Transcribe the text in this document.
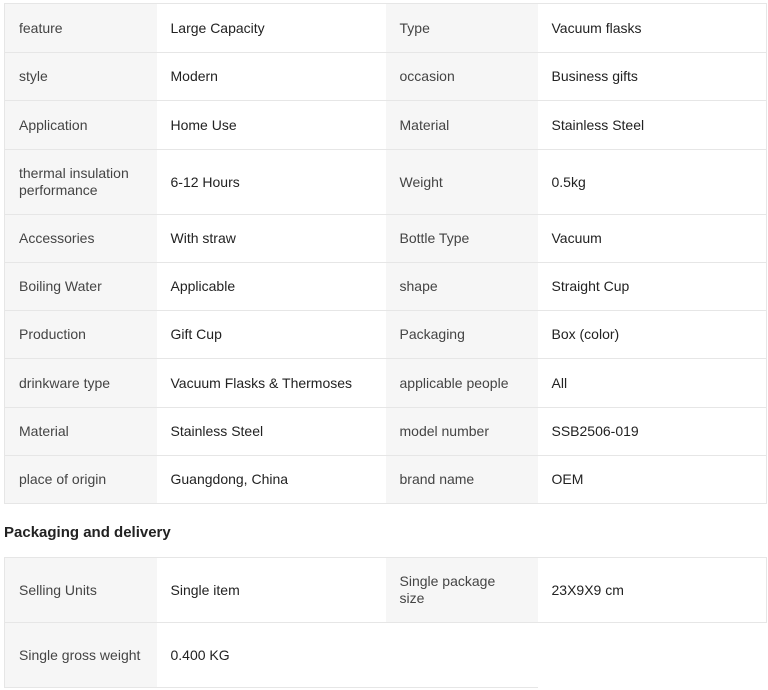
feature	Large Capacity	Type	Vacuum flasks
style	Modern	occasion	Business gifts
Application	Home Use	Material	Stainless Steel
thermal insulation performance	6-12 Hours	Weight	0.5kg
Accessories	With straw	Bottle Type	Vacuum
Boiling Water	Applicable	shape	Straight Cup
Production	Gift Cup	Packaging	Box (color)
drinkware type	Vacuum Flasks & Thermoses	applicable people	All
Material	Stainless Steel	model number	SSB2506-019
place of origin	Guangdong, China	brand name	OEM
Packaging and delivery
Selling Units	Single item	Single package size	23X9X9 cm
Single gross weight	0.400 KG		
